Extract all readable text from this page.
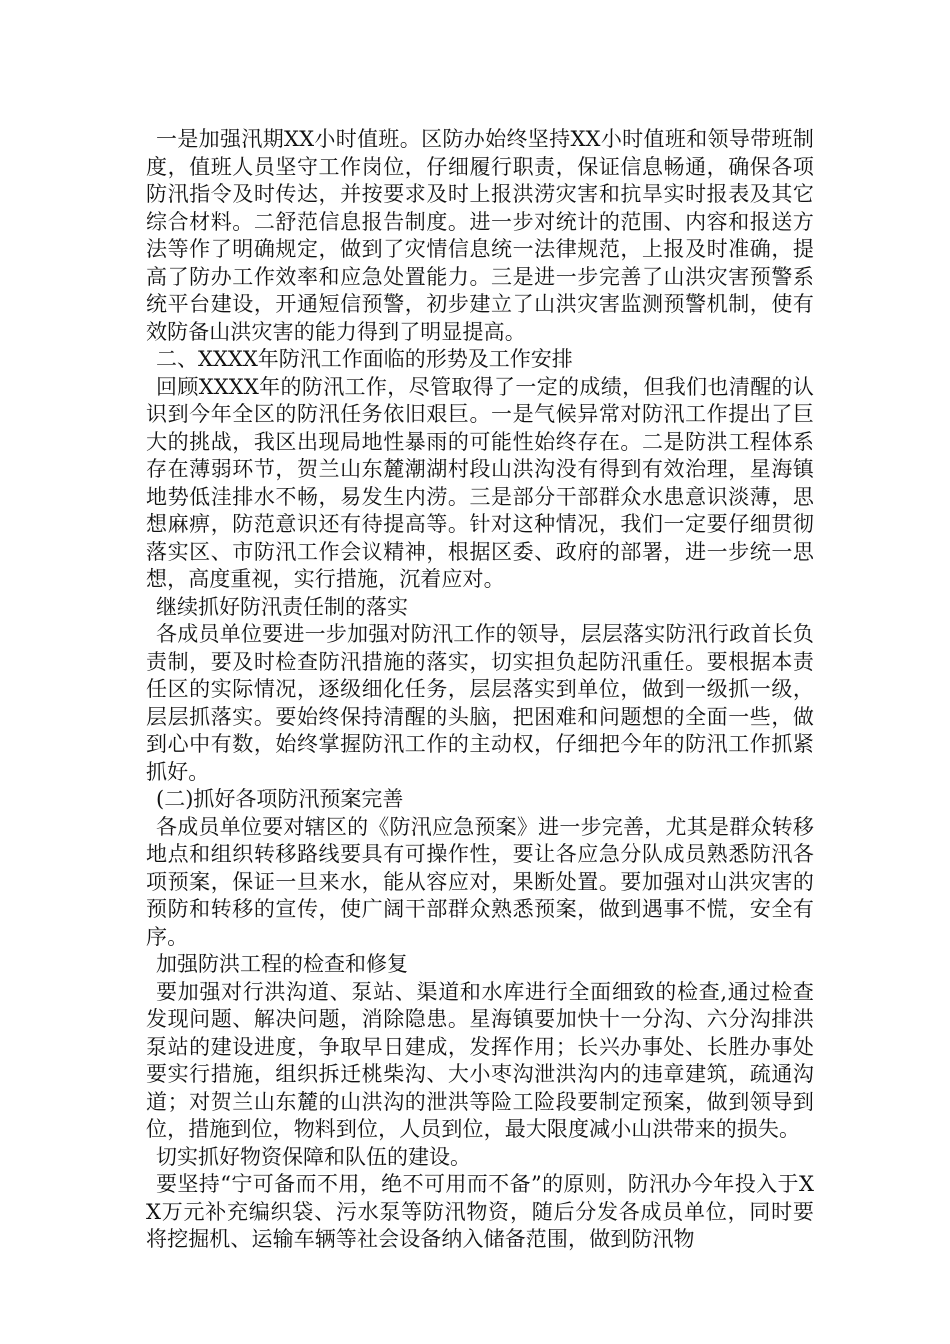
一是加强汛期XX小时值班。区防办始终坚持XX小时值班和领导带班制度，值班人员坚守工作岗位，仔细履行职责，保证信息畅通，确保各项防汛指令及时传达，并按要求及时上报洪涝灾害和抗旱实时报表及其它综合材料。二舒范信息报告制度。进一步对统计的范围、内容和报送方法等作了明确规定，做到了灾情信息统一法律规范，上报及时准确，提高了防办工作效率和应急处置能力。三是进一步完善了山洪灾害预警系统平台建设，开通短信预警，初步建立了山洪灾害监测预警机制，使有效防备山洪灾害的能力得到了明显提高。

二、XXXX年防汛工作面临的形势及工作安排

回顾XXXX年的防汛工作，尽管取得了一定的成绩，但我们也清醒的认识到今年全区的防汛任务依旧艰巨。一是气候异常对防汛工作提出了巨大的挑战，我区出现局地性暴雨的可能性始终存在。二是防洪工程体系存在薄弱环节，贺兰山东麓潮湖村段山洪沟没有得到有效治理，星海镇地势低洼排水不畅，易发生内涝。三是部分干部群众水患意识淡薄，思想麻痹，防范意识还有待提高等。针对这种情况，我们一定要仔细贯彻落实区、市防汛工作会议精神，根据区委、政府的部署，进一步统一思想，高度重视，实行措施，沉着应对。

继续抓好防汛责任制的落实

各成员单位要进一步加强对防汛工作的领导，层层落实防汛行政首长负责制，要及时检查防汛措施的落实，切实担负起防汛重任。要根据本责任区的实际情况，逐级细化任务，层层落实到单位，做到一级抓一级，层层抓落实。要始终保持清醒的头脑，把困难和问题想的全面一些，做到心中有数，始终掌握防汛工作的主动权，仔细把今年的防汛工作抓紧抓好。

(二)抓好各项防汛预案完善

各成员单位要对辖区的《防汛应急预案》进一步完善，尤其是群众转移地点和组织转移路线要具有可操作性，要让各应急分队成员熟悉防汛各项预案，保证一旦来水，能从容应对，果断处置。要加强对山洪灾害的预防和转移的宣传，使广阔干部群众熟悉预案，做到遇事不慌，安全有序。

加强防洪工程的检查和修复

要加强对行洪沟道、泵站、渠道和水库进行全面细致的检查,通过检查发现问题、解决问题，消除隐患。星海镇要加快十一分沟、六分沟排洪泵站的建设进度，争取早日建成，发挥作用；长兴办事处、长胜办事处要实行措施，组织拆迁桃柴沟、大小枣沟泄洪沟内的违章建筑，疏通沟道；对贺兰山东麓的山洪沟的泄洪等险工险段要制定预案，做到领导到位，措施到位，物料到位，人员到位，最大限度减小山洪带来的损失。

切实抓好物资保障和队伍的建设。

要坚持“宁可备而不用，绝不可用而不备”的原则，防汛办今年投入于XX万元补充编织袋、污水泵等防汛物资，随后分发各成员单位，同时要将挖掘机、运输车辆等社会设备纳入储备范围，做到防汛物
